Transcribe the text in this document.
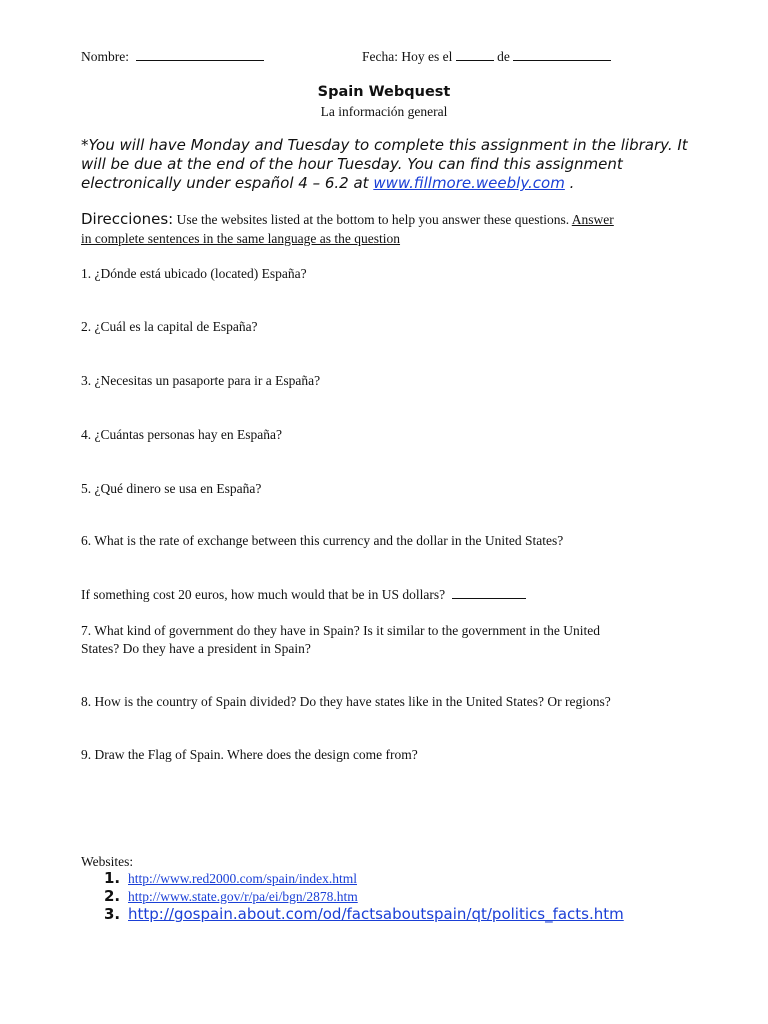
Nombre:	Fecha: Hoy es el	de
Spain Webquest
La información general
*You will have Monday and Tuesday to complete this assignment in the library. It will be due at the end of the hour Tuesday. You can find this assignment electronically under español 4 – 6.2 at www.fillmore.weebly.com .
Direcciones: Use the websites listed at the bottom to help you answer these questions. Answer
in complete sentences in the same language as the question
1. ¿Dónde está ubicado (located) España?
2. ¿Cuál es la capital de España?
3. ¿Necesitas un pasaporte para ir a España?
4. ¿Cuántas personas hay en España?
5. ¿Qué dinero se usa en España?
6. What is the rate of exchange between this currency and the dollar in the United States?
If something cost 20 euros, how much would that be in US dollars?
7. What kind of government do they have in Spain? Is it similar to the government in the United
States? Do they have a president in Spain?
8. How is the country of Spain divided? Do they have states like in the United States? Or regions?
9. Draw the Flag of Spain. Where does the design come from?
Websites:
1. http://www.red2000.com/spain/index.html
2. http://www.state.gov/r/pa/ei/bgn/2878.htm
3. http://gospain.about.com/od/factsaboutspain/qt/politics_facts.htm
